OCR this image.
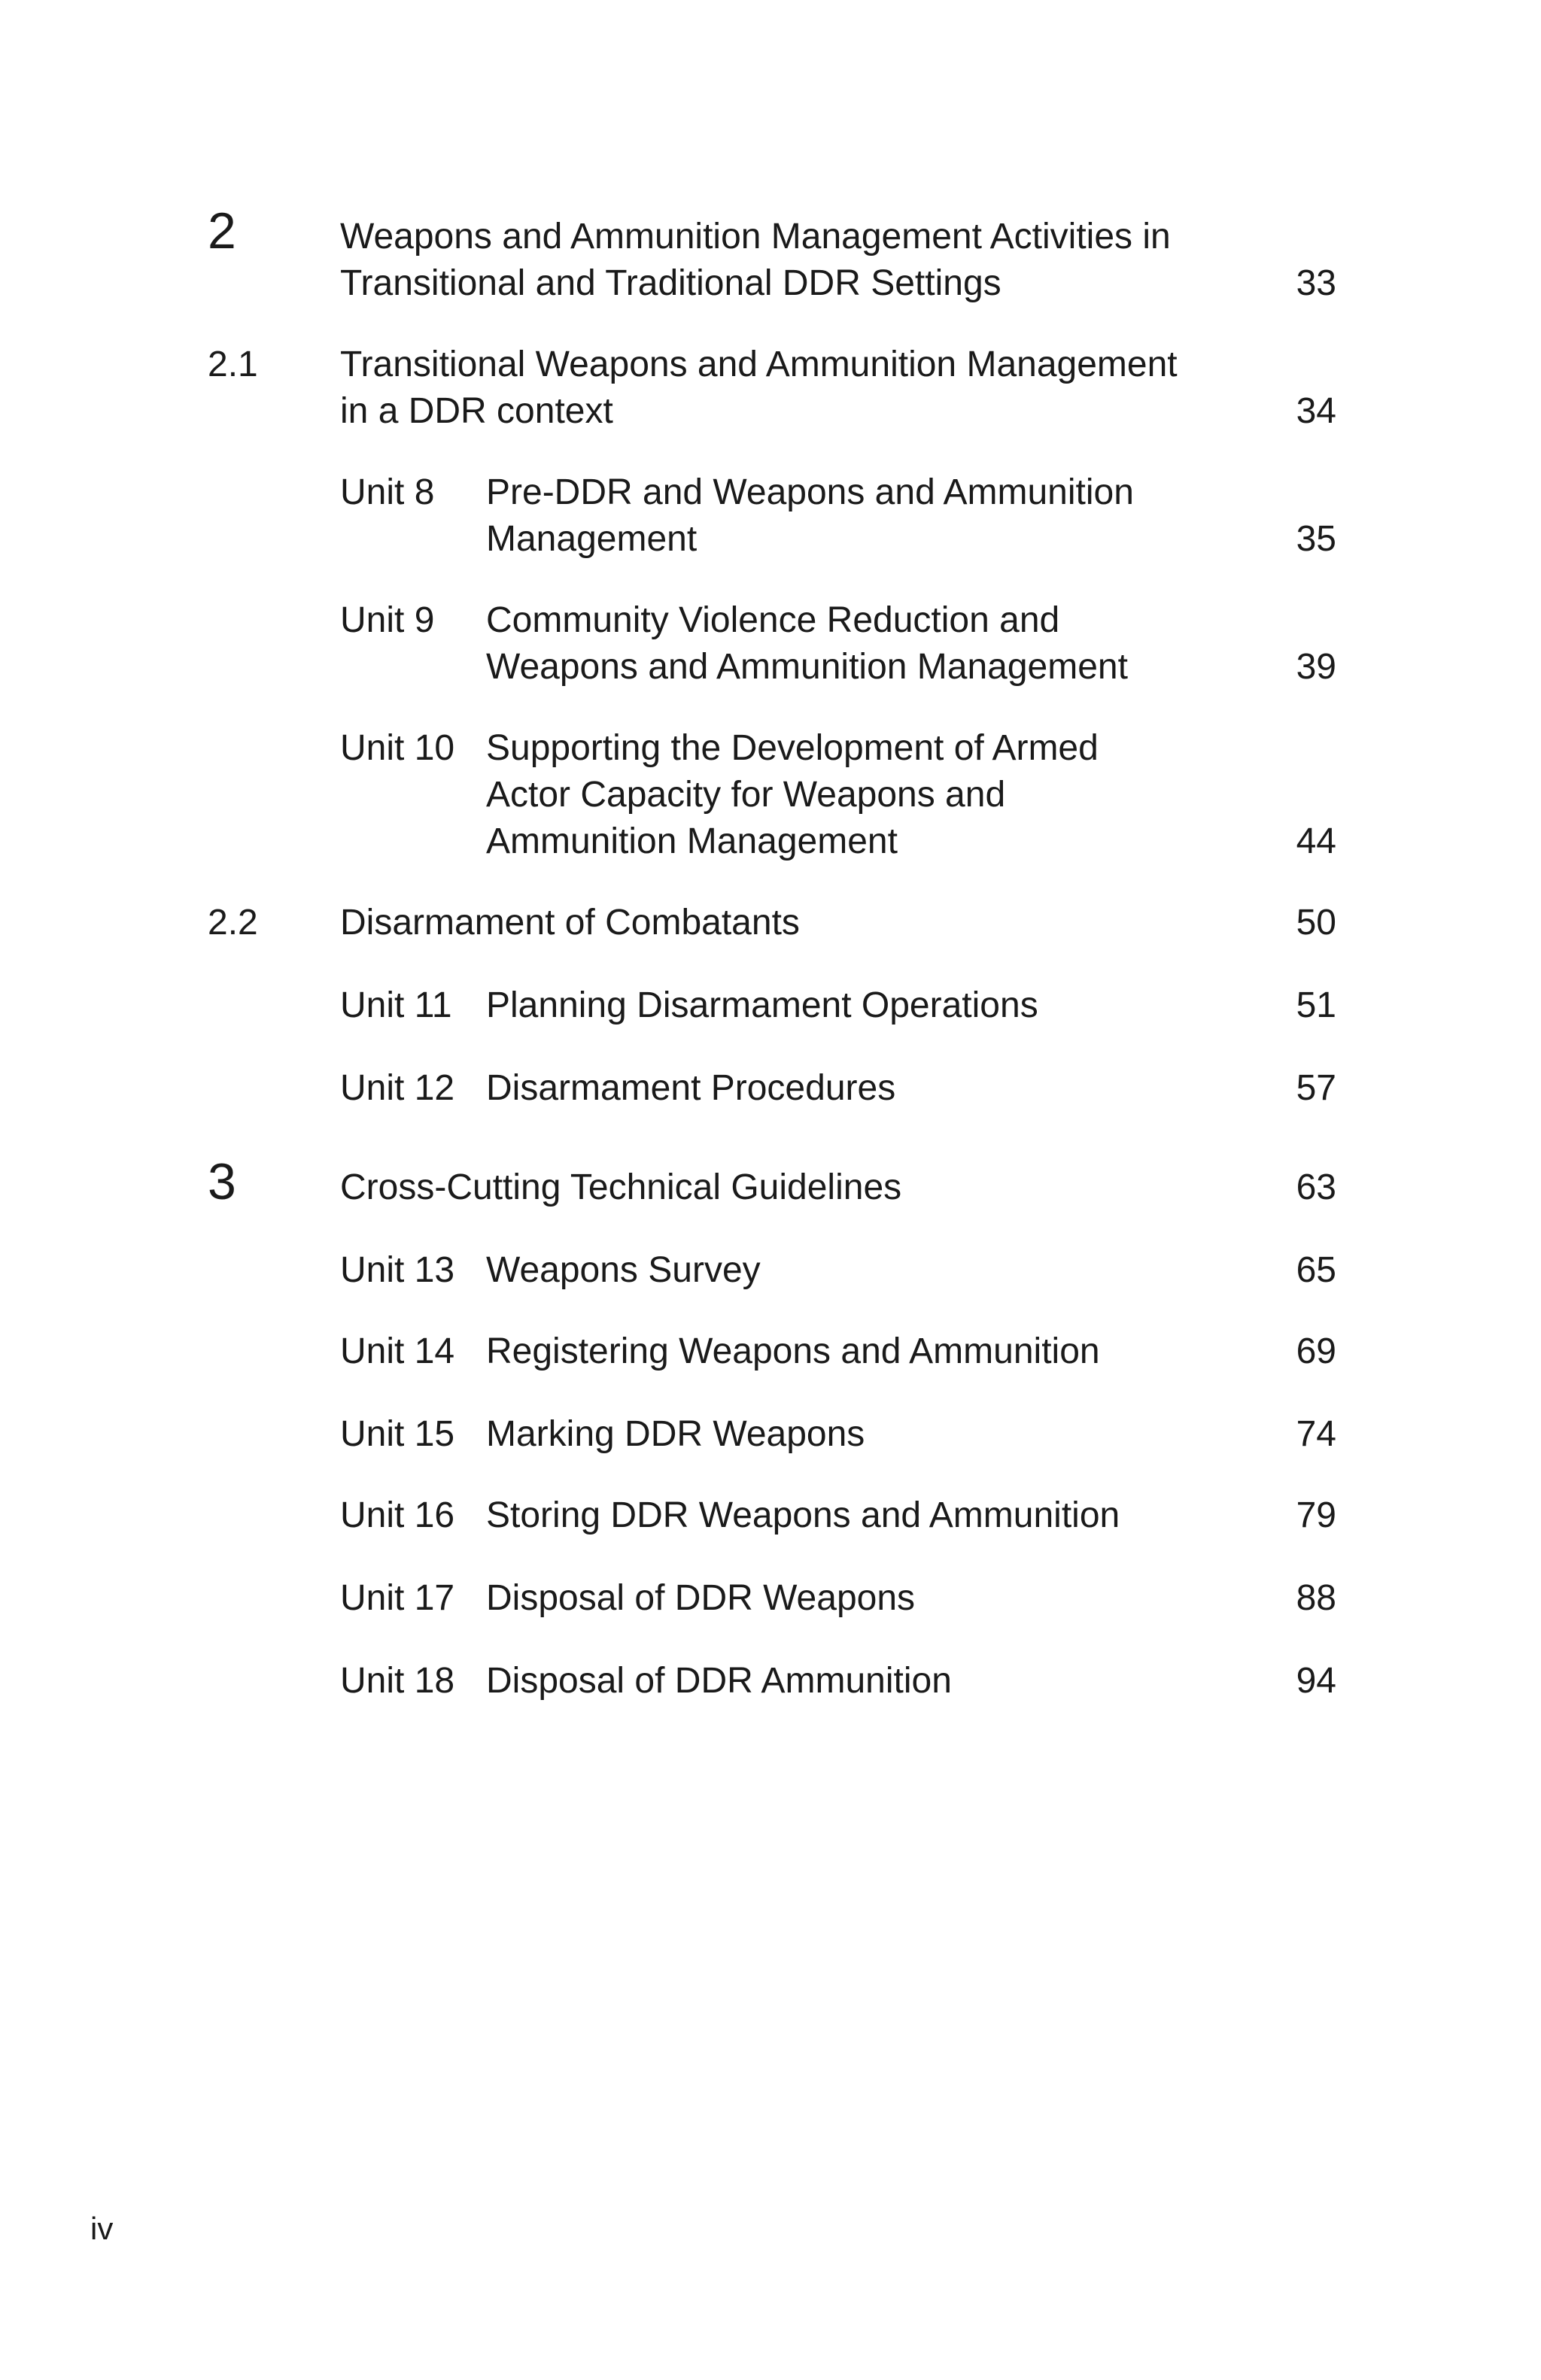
2	Weapons and Ammunition Management Activities in
Transitional and Traditional DDR Settings	33
2.1 Transitional Weapons and Ammunition Management
in a DDR context	34
Unit 8 Pre-DDR and Weapons and Ammunition
Management	35
Unit 9 Community Violence Reduction and
Weapons and Ammunition Management	39
Unit 10 Supporting the Development of Armed
Actor Capacity for Weapons and
Ammunition Management	44
2.2 Disarmament of Combatants	50
Unit 11 Planning Disarmament Operations	51
Unit 12 Disarmament Procedures	57
3	Cross-Cutting Technical Guidelines	63
Unit 13 Weapons Survey	65
Unit 14 Registering Weapons and Ammunition	69
Unit 15 Marking DDR Weapons	74
Unit 16 Storing DDR Weapons and Ammunition	79
Unit 17 Disposal of DDR Weapons	88
Unit 18 Disposal of DDR Ammunition	94
iv
